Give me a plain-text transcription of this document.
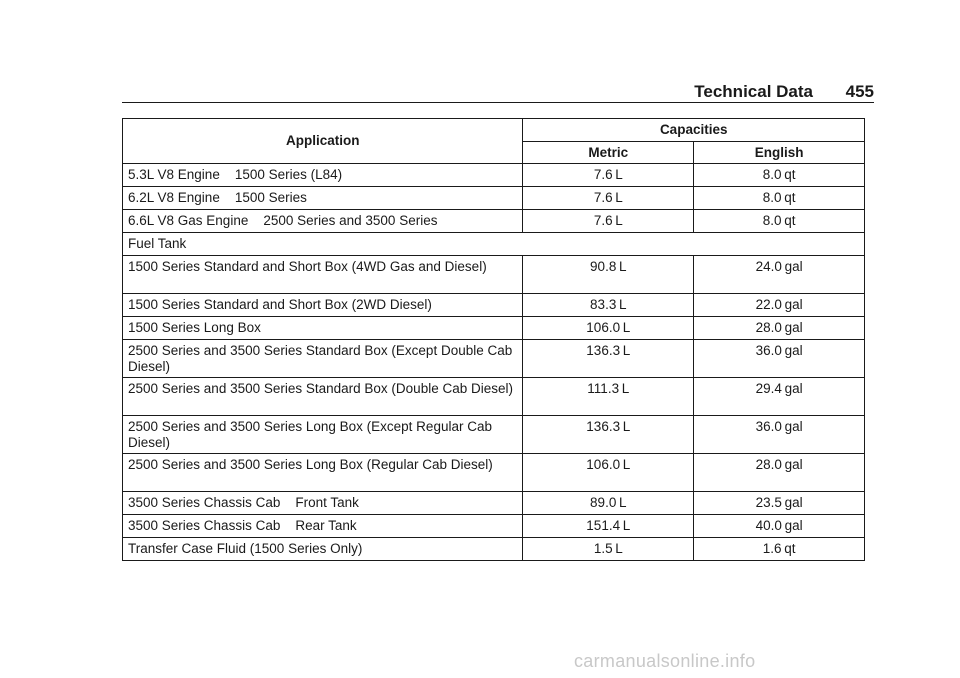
Technical Data 455
Application	Capacities	
	Metric	English
5.3L V8 Engine    1500 Series (L84)	7.6 L	8.0 qt
6.2L V8 Engine    1500 Series	7.6 L	8.0 qt
6.6L V8 Gas Engine    2500 Series and 3500 Series	7.6 L	8.0 qt
Fuel Tank		
1500 Series Standard and Short Box (4WD Gas and Diesel)	90.8 L	24.0 gal
1500 Series Standard and Short Box (2WD Diesel)	83.3 L	22.0 gal
1500 Series Long Box	106.0 L	28.0 gal
2500 Series and 3500 Series Standard Box (Except Double Cab Diesel)	136.3 L	36.0 gal
2500 Series and 3500 Series Standard Box (Double Cab Diesel)	111.3 L	29.4 gal
2500 Series and 3500 Series Long Box (Except Regular Cab Diesel)	136.3 L	36.0 gal
2500 Series and 3500 Series Long Box (Regular Cab Diesel)	106.0 L	28.0 gal
3500 Series Chassis Cab    Front Tank	89.0 L	23.5 gal
3500 Series Chassis Cab    Rear Tank	151.4 L	40.0 gal
Transfer Case Fluid (1500 Series Only)	1.5 L	1.6 qt
carmanualsonline.info
